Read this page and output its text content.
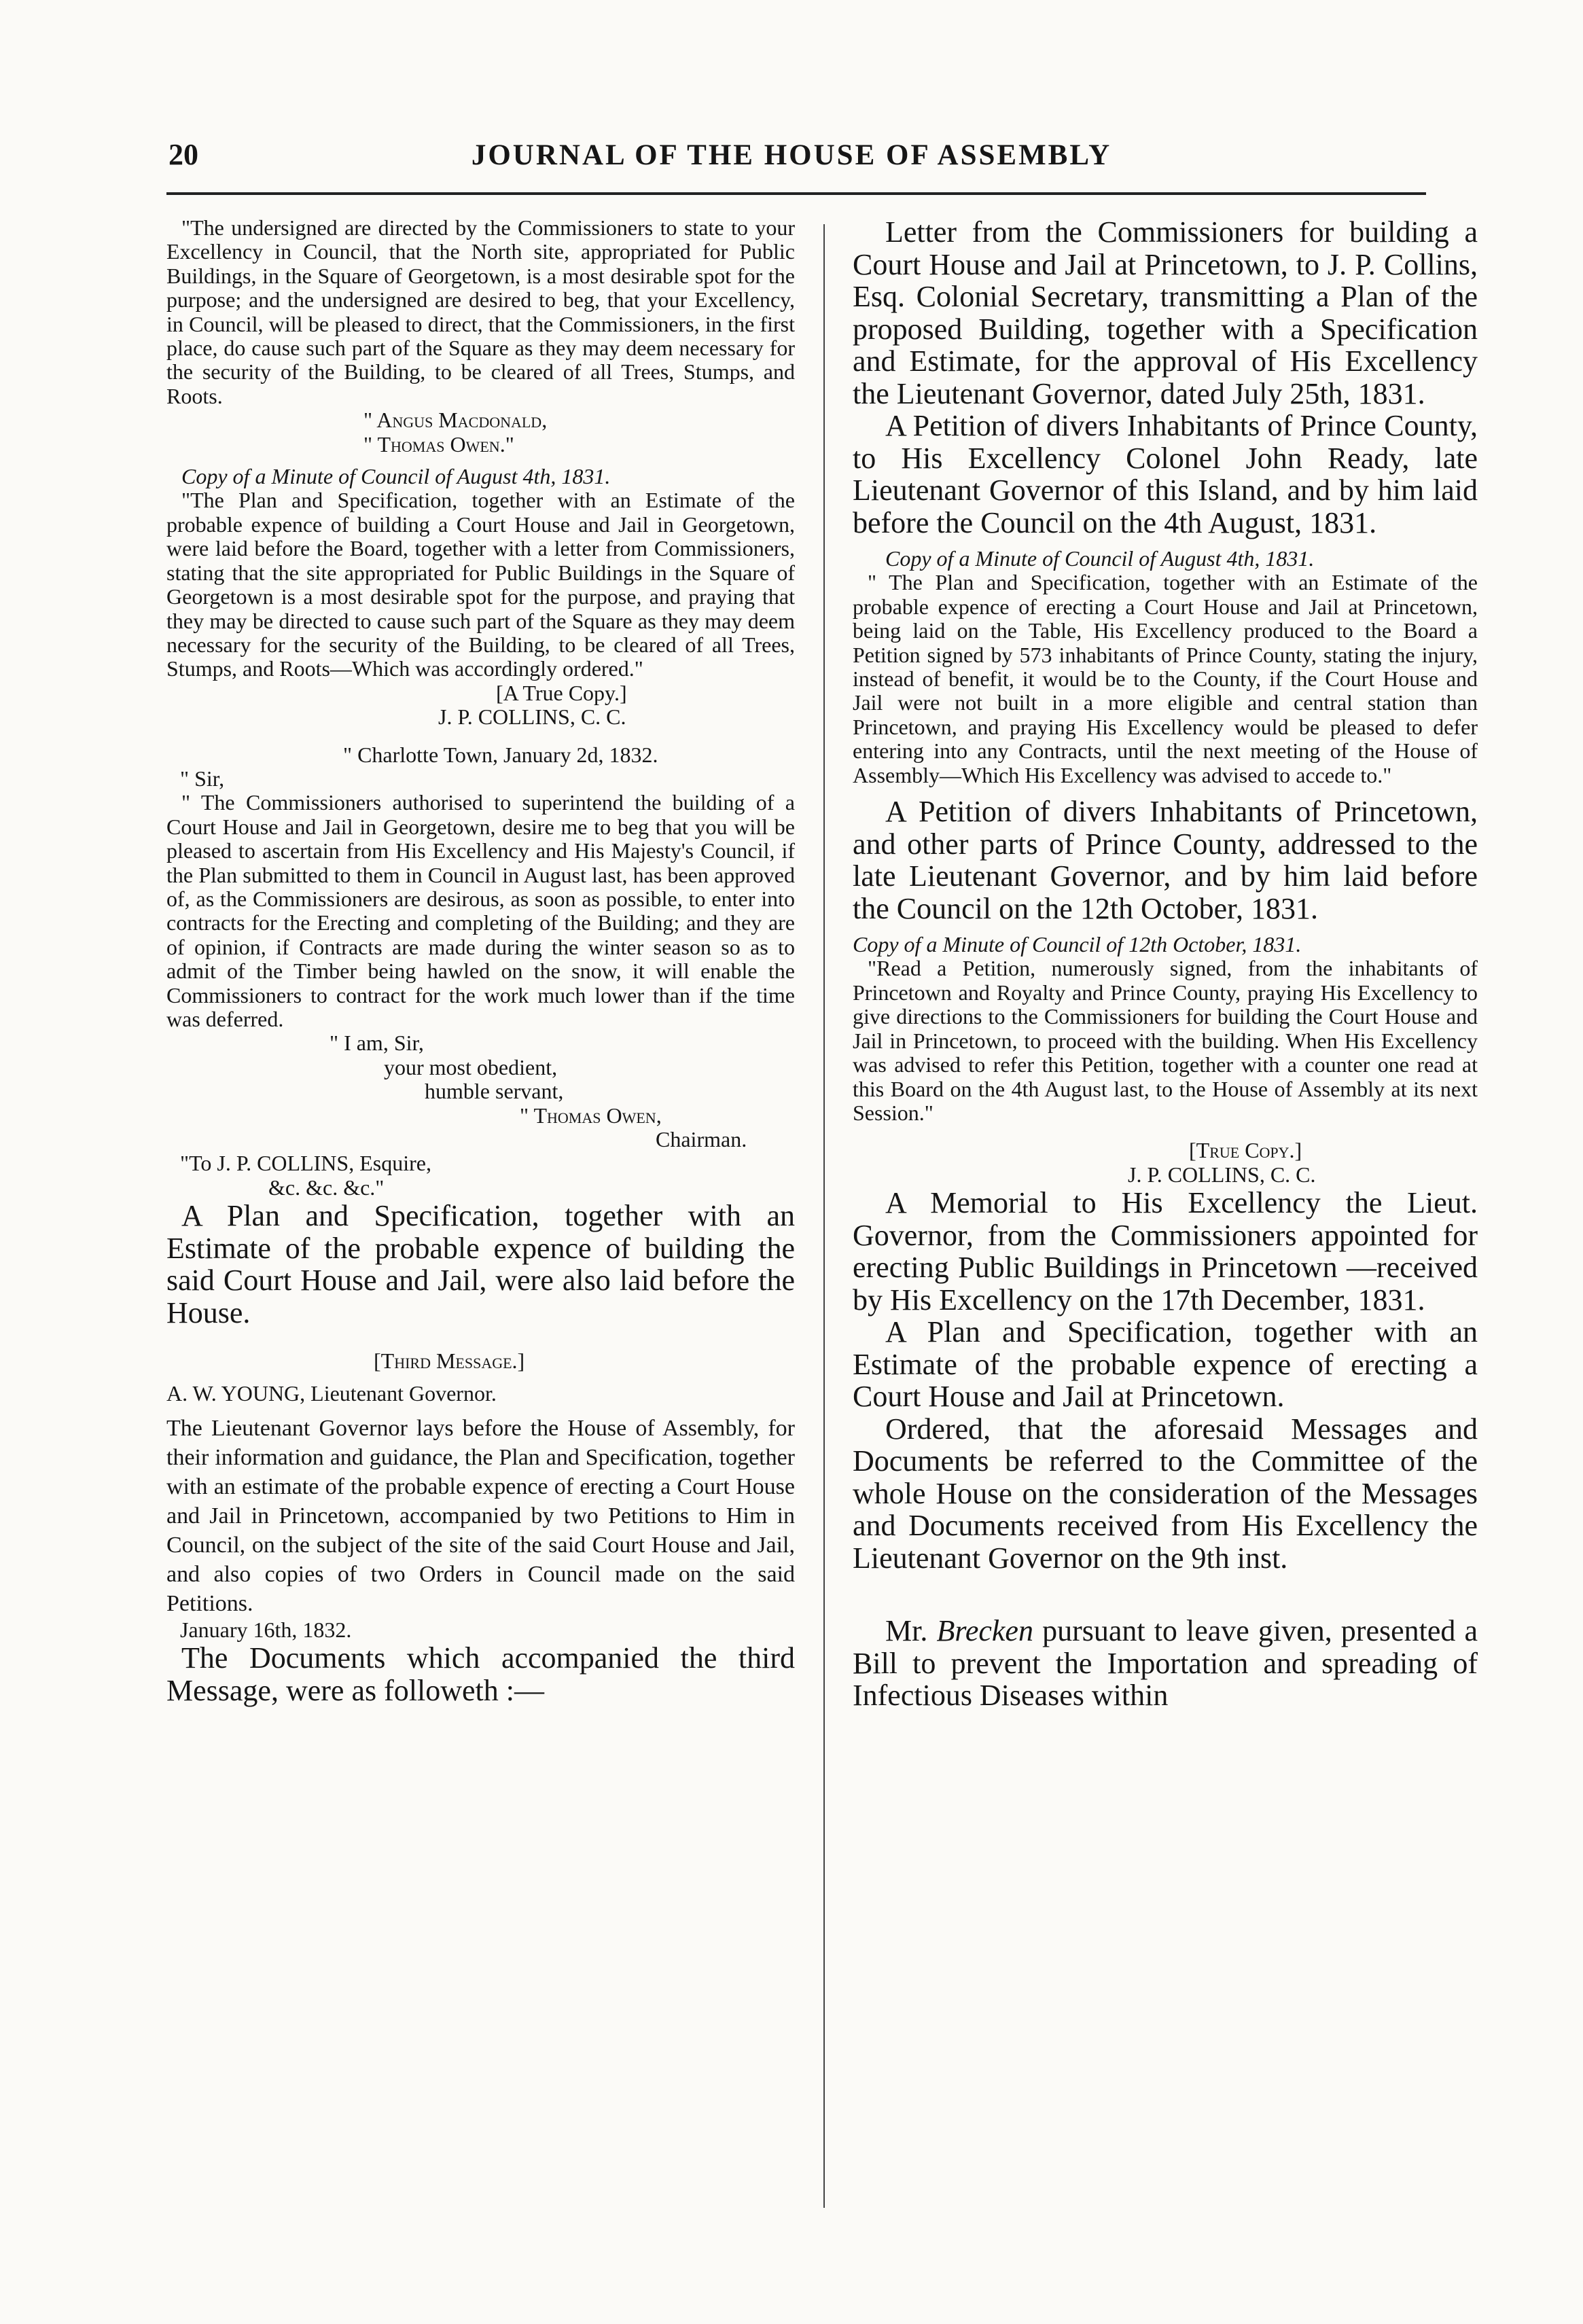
20	JOURNAL OF THE HOUSE OF ASSEMBLY

"The undersigned are directed by the Commissioners to state to your Excellency in Council, that the North site, appropriated for Public Buildings, in the Square of Georgetown, is a most desirable spot for the purpose; and the undersigned are desired to beg, that your Excellency, in Council, will be pleased to direct, that the Commissioners, in the first place, do cause such part of the Square as they may deem necessary for the security of the Building, to be cleared of all Trees, Stumps, and Roots.

" Angus Macdonald,

" Thomas Owen."

Copy of a Minute of Council of August 4th, 1831.

"The Plan and Specification, together with an Estimate of the probable expence of building a Court House and Jail in Georgetown, were laid before the Board, together with a letter from Commissioners, stating that the site appropriated for Public Buildings in the Square of Georgetown is a most desirable spot for the purpose, and praying that they may be directed to cause such part of the Square as they may deem necessary for the security of the Building, to be cleared of all Trees, Stumps, and Roots—Which was accordingly ordered."

[A True Copy.]

J. P. COLLINS, C. C.

" Charlotte Town, January 2d, 1832.

" Sir,

" The Commissioners authorised to superintend the building of a Court House and Jail in Georgetown, desire me to beg that you will be pleased to ascertain from His Excellency and His Majesty's Council, if the Plan submitted to them in Council in August last, has been approved of, as the Commissioners are desirous, as soon as possible, to enter into contracts for the Erecting and completing of the Building; and they are of opinion, if Contracts are made during the winter season so as to admit of the Timber being hawled on the snow, it will enable the Commissioners to contract for the work much lower than if the time was deferred.

" I am, Sir,

your most obedient,

humble servant,

" Thomas Owen,

Chairman.

"To J. P. COLLINS, Esquire,

&c. &c. &c."

A Plan and Specification, together with an Estimate of the probable expence of building the said Court House and Jail, were also laid before the House.

[Third Message.]

A. W. YOUNG, Lieutenant Governor.

The Lieutenant Governor lays before the House of Assembly, for their information and guidance, the Plan and Specification, together with an estimate of the probable expence of erecting a Court House and Jail in Princetown, accompanied by two Petitions to Him in Council, on the subject of the site of the said Court House and Jail, and also copies of two Orders in Council made on the said Petitions.

January 16th, 1832.

The Documents which accompanied the third Message, were as followeth :—

Letter from the Commissioners for building a Court House and Jail at Princetown, to J. P. Collins, Esq. Colonial Secretary, transmitting a Plan of the proposed Building, together with a Specification and Estimate, for the approval of His Excellency the Lieutenant Governor, dated July 25th, 1831.

A Petition of divers Inhabitants of Prince County, to His Excellency Colonel John Ready, late Lieutenant Governor of this Island, and by him laid before the Council on the 4th August, 1831.

Copy of a Minute of Council of August 4th, 1831.

" The Plan and Specification, together with an Estimate of the probable expence of erecting a Court House and Jail at Princetown, being laid on the Table, His Excellency produced to the Board a Petition signed by 573 inhabitants of Prince County, stating the injury, instead of benefit, it would be to the County, if the Court House and Jail were not built in a more eligible and central station than Princetown, and praying His Excellency would be pleased to defer entering into any Contracts, until the next meeting of the House of Assembly—Which His Excellency was advised to accede to."

A Petition of divers Inhabitants of Princetown, and other parts of Prince County, addressed to the late Lieutenant Governor, and by him laid before the Council on the 12th October, 1831.

Copy of a Minute of Council of 12th October, 1831.

"Read a Petition, numerously signed, from the inhabitants of Princetown and Royalty and Prince County, praying His Excellency to give directions to the Commissioners for building the Court House and Jail in Princetown, to proceed with the building. When His Excellency was advised to refer this Petition, together with a counter one read at this Board on the 4th August last, to the House of Assembly at its next Session."

[True Copy.]

J. P. COLLINS, C. C.

A Memorial to His Excellency the Lieut. Governor, from the Commissioners appointed for erecting Public Buildings in Princetown —received by His Excellency on the 17th December, 1831.

A Plan and Specification, together with an Estimate of the probable expence of erecting a Court House and Jail at Princetown.

Ordered, that the aforesaid Messages and Documents be referred to the Committee of the whole House on the consideration of the Messages and Documents received from His Excellency the Lieutenant Governor on the 9th inst.

Mr. Brecken pursuant to leave given, presented a Bill to prevent the Importation and spreading of Infectious Diseases within
